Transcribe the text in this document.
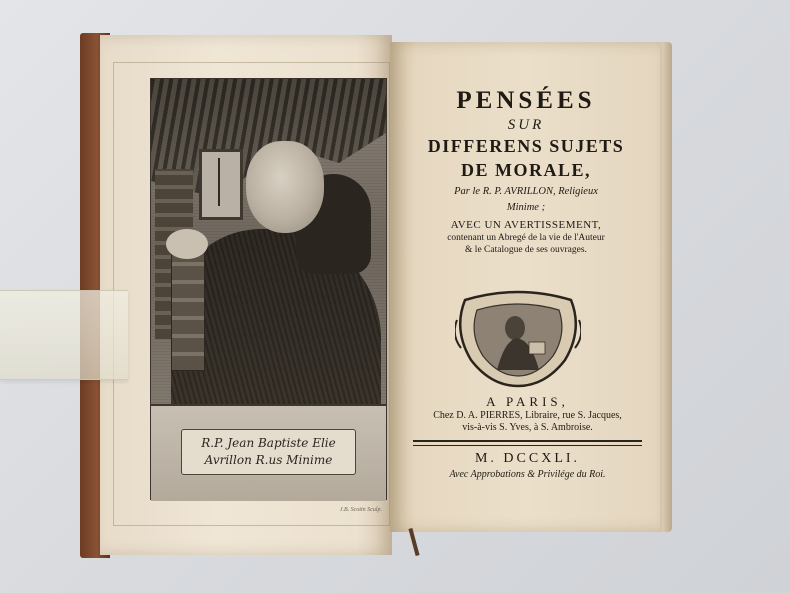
R.P. Jean Baptiste Elie
Avrillon R.us Minime
J.B. Scotin Sculp.
PENSÉES
SUR
DIFFERENS SUJETS
DE MORALE,
Par le R. P. AVRILLON, Religieux
Minime ;
AVEC UN AVERTISSEMENT,
contenant un Abregé de la vie de l'Auteur
& le Catalogue de ses ouvrages.
A PARIS,
Chez D. A. PIERRES, Libraire, rue S. Jacques,
vis-à-vis S. Yves, à S. Ambroise.
M. DCCXLI.
Avec Approbations & Privilége du Roi.
